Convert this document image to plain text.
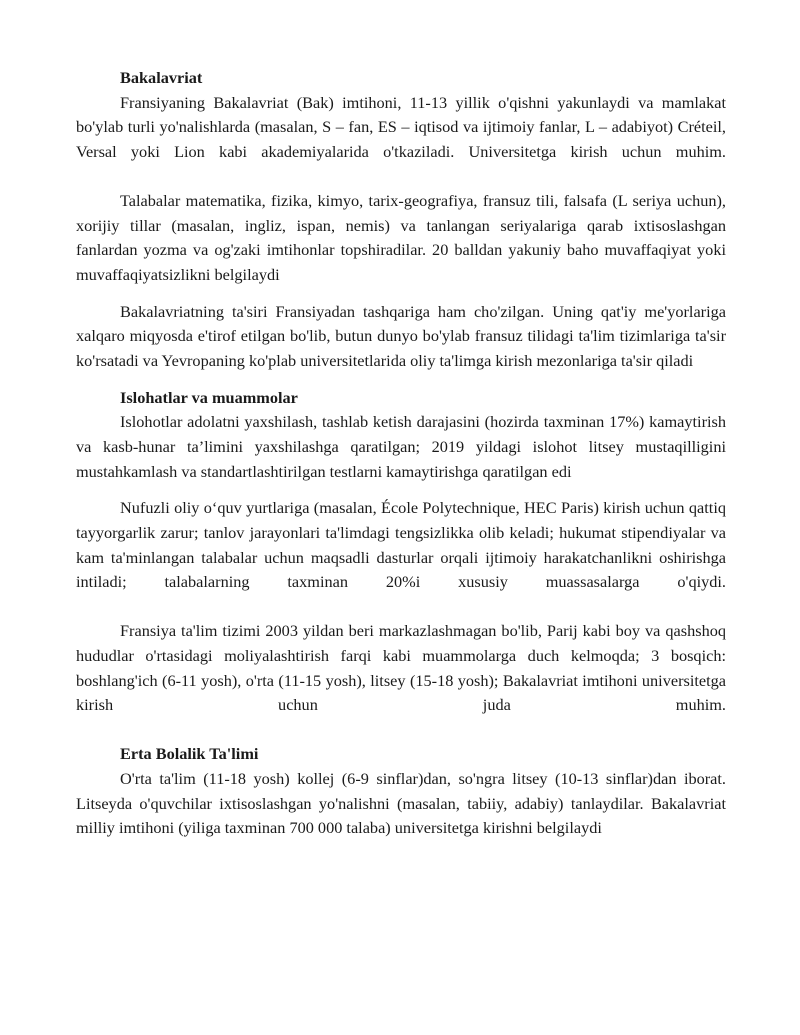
Bakalavriat

Fransiyaning Bakalavriat (Bak) imtihoni, 11-13 yillik o'qishni yakunlaydi va mamlakat bo'ylab turli yo'nalishlarda (masalan, S – fan, ES – iqtisod va ijtimoiy fanlar, L – adabiyot) Créteil, Versal yoki Lion kabi akademiyalarida o'tkaziladi. Universitetga kirish uchun muhim.

Talabalar matematika, fizika, kimyo, tarix-geografiya, fransuz tili, falsafa (L seriya uchun), xorijiy tillar (masalan, ingliz, ispan, nemis) va tanlangan seriyalariga qarab ixtisoslashgan fanlardan yozma va og'zaki imtihonlar topshiradilar. 20 balldan yakuniy baho muvaffaqiyat yoki muvaffaqiyatsizlikni belgilaydi

Bakalavriatning ta'siri Fransiyadan tashqariga ham cho'zilgan. Uning qat'iy me'yorlariga xalqaro miqyosda e'tirof etilgan bo'lib, butun dunyo bo'ylab fransuz tilidagi ta'lim tizimlariga ta'sir ko'rsatadi va Yevropaning ko'plab universitetlarida oliy ta'limga kirish mezonlariga ta'sir qiladi

Islohatlar va muammolar

Islohotlar adolatni yaxshilash, tashlab ketish darajasini (hozirda taxminan 17%) kamaytirish va kasb-hunar ta’limini yaxshilashga qaratilgan; 2019 yildagi islohot litsey mustaqilligini mustahkamlash va standartlashtirilgan testlarni kamaytirishga qaratilgan edi

Nufuzli oliy o‘quv yurtlariga (masalan, École Polytechnique, HEC Paris) kirish uchun qattiq tayyorgarlik zarur; tanlov jarayonlari ta'limdagi tengsizlikka olib keladi; hukumat stipendiyalar va kam ta'minlangan talabalar uchun maqsadli dasturlar orqali ijtimoiy harakatchanlikni oshirishga intiladi; talabalarning taxminan 20%i xususiy muassasalarga o'qiydi.

Fransiya ta'lim tizimi 2003 yildan beri markazlashmagan bo'lib, Parij kabi boy va qashshoq hududlar o'rtasidagi moliyalashtirish farqi kabi muammolarga duch kelmoqda; 3 bosqich: boshlang'ich (6-11 yosh), o'rta (11-15 yosh), litsey (15-18 yosh); Bakalavriat imtihoni universitetga kirish uchun juda muhim.

Erta Bolalik Ta'limi

O'rta ta'lim (11-18 yosh) kollej (6-9 sinflar)dan, so'ngra litsey (10-13 sinflar)dan iborat. Litseyda o'quvchilar ixtisoslashgan yo'nalishni (masalan, tabiiy, adabiy) tanlaydilar. Bakalavriat milliy imtihoni (yiliga taxminan 700 000 talaba) universitetga kirishni belgilaydi
